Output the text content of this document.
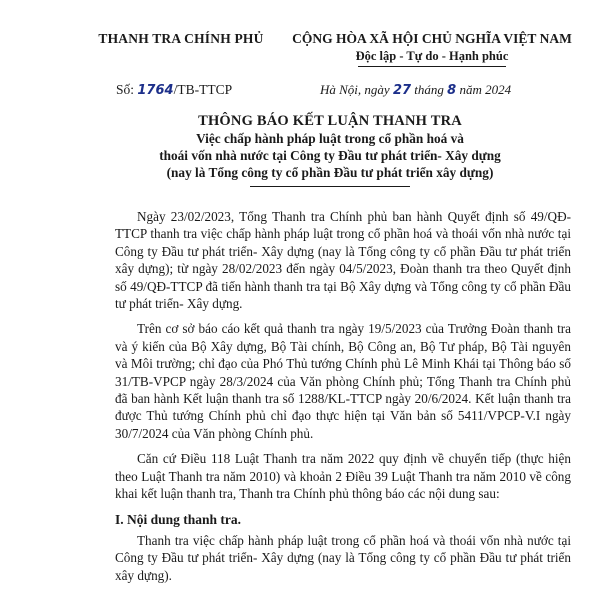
THANH TRA CHÍNH PHỦ	CỘNG HÒA XÃ HỘI CHỦ NGHĨA VIỆT NAM
Độc lập - Tự do - Hạnh phúc
Số: 1764/TB-TTCP	Hà Nội, ngày 27 tháng 8 năm 2024
THÔNG BÁO KẾT LUẬN THANH TRA
Việc chấp hành pháp luật trong cổ phần hoá và
thoái vốn nhà nước tại Công ty Đầu tư phát triển- Xây dựng
(nay là Tổng công ty cổ phần Đầu tư phát triển xây dựng)

Ngày 23/02/2023, Tổng Thanh tra Chính phủ ban hành Quyết định số 49/QĐ-TTCP thanh tra việc chấp hành pháp luật trong cổ phần hoá và thoái vốn nhà nước tại Công ty Đầu tư phát triển- Xây dựng (nay là Tổng công ty cổ phần Đầu tư phát triển xây dựng); từ ngày 28/02/2023 đến ngày 04/5/2023, Đoàn thanh tra theo Quyết định số 49/QĐ-TTCP đã tiến hành thanh tra tại Bộ Xây dựng và Tổng công ty cổ phần Đầu tư phát triển- Xây dựng.

Trên cơ sở báo cáo kết quả thanh tra ngày 19/5/2023 của Trưởng Đoàn thanh tra và ý kiến của Bộ Xây dựng, Bộ Tài chính, Bộ Công an, Bộ Tư pháp, Bộ Tài nguyên và Môi trường; chỉ đạo của Phó Thủ tướng Chính phủ Lê Minh Khái tại Thông báo số 31/TB-VPCP ngày 28/3/2024 của Văn phòng Chính phủ; Tổng Thanh tra Chính phủ đã ban hành Kết luận thanh tra số 1288/KL-TTCP ngày 20/6/2024. Kết luận thanh tra được Thủ tướng Chính phủ chỉ đạo thực hiện tại Văn bản số 5411/VPCP-V.I ngày 30/7/2024 của Văn phòng Chính phủ.

Căn cứ Điều 118 Luật Thanh tra năm 2022 quy định về chuyển tiếp (thực hiện theo Luật Thanh tra năm 2010) và khoản 2 Điều 39 Luật Thanh tra năm 2010 về công khai kết luận thanh tra, Thanh tra Chính phủ thông báo các nội dung sau:

I. Nội dung thanh tra.

Thanh tra việc chấp hành pháp luật trong cổ phần hoá và thoái vốn nhà nước tại Công ty Đầu tư phát triển- Xây dựng (nay là Tổng công ty cổ phần Đầu tư phát triển xây dựng).
